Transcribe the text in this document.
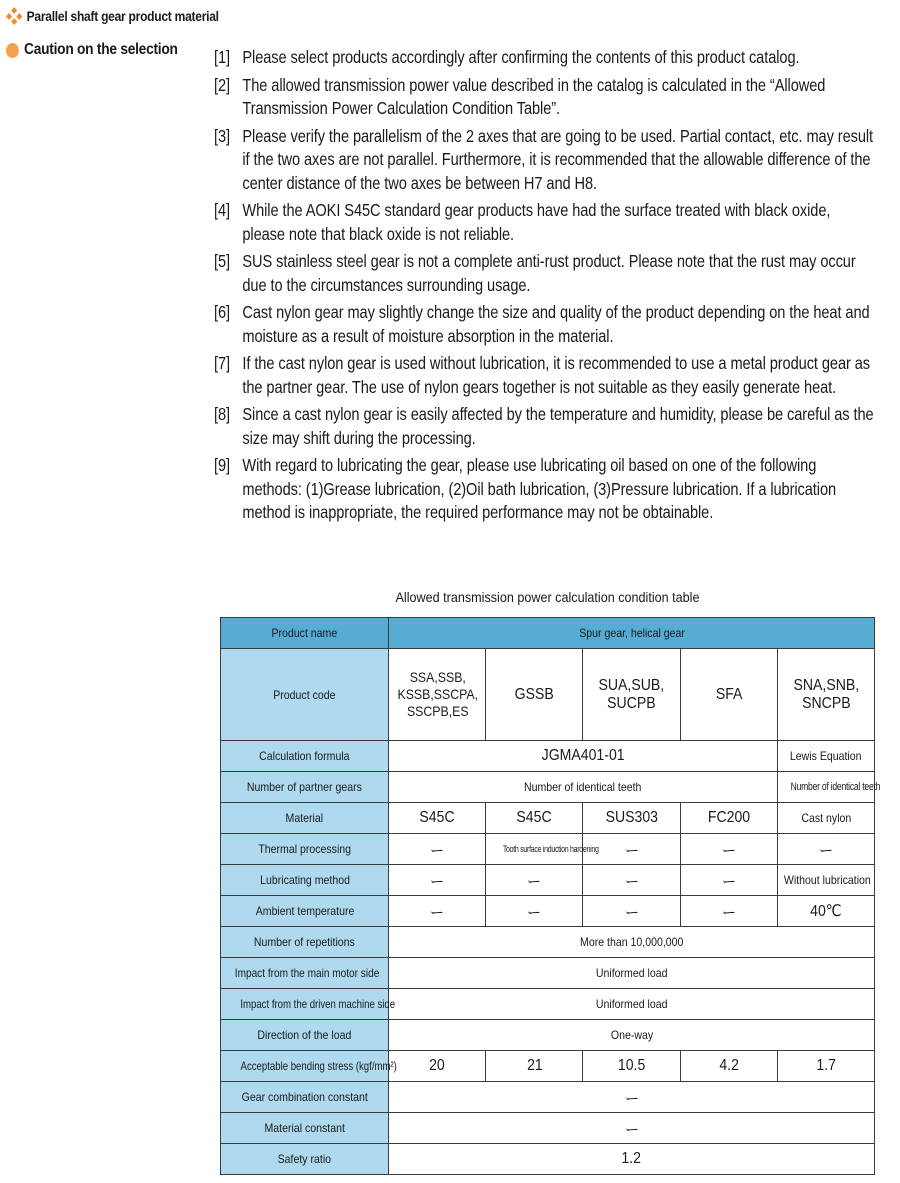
Parallel shaft gear product material
Caution on the selection [1] Please select products accordingly after confirming the contents of this product catalog.
[2] The allowed transmission power value described in the catalog is calculated in the “Allowed Transmission Power Calculation Condition Table”.
[3] Please verify the parallelism of the 2 axes that are going to be used. Partial contact, etc. may result if the two axes are not parallel. Furthermore, it is recommended that the allowable difference of the center distance of the two axes be between H7 and H8.
[4] While the AOKI S45C standard gear products have had the surface treated with black oxide, please note that black oxide is not reliable.
[5] SUS stainless steel gear is not a complete anti-rust product. Please note that the rust may occur due to the circumstances surrounding usage.
[6] Cast nylon gear may slightly change the size and quality of the product depending on the heat and moisture as a result of moisture absorption in the material.
[7] If the cast nylon gear is used without lubrication, it is recommended to use a metal product gear as the partner gear. The use of nylon gears together is not suitable as they easily generate heat.
[8] Since a cast nylon gear is easily affected by the temperature and humidity, please be careful as the size may shift during the processing.
[9] With regard to lubricating the gear, please use lubricating oil based on one of the following methods: (1)Grease lubrication, (2)Oil bath lubrication, (3)Pressure lubrication. If a lubrication method is inappropriate, the required performance may not be obtainable.
Allowed transmission power calculation condition table
Product name	Spur gear, helical gear				
Product code	SSA,SSB,
KSSB,SSCPA,
SSCPB,ES	GSSB	SUA,SUB,
SUCPB	SFA	SNA,SNB,
SNCPB
Calculation formula	JGMA401-01				Lewis Equation
Number of partner gears	Number of identical teeth				Number of identical teeth
Material	S45C	S45C	SUS303	FC200	Cast nylon
Thermal processing	ー	Tooth surface induction hardening	ー	ー	ー
Lubricating method	ー	ー	ー	ー	Without lubrication
Ambient temperature	ー	ー	ー	ー	40℃
Number of repetitions	More than 10,000,000				
Impact from the main motor side	Uniformed load				
Impact from the driven machine side	Uniformed load				
Direction of the load	One-way				
Acceptable bending stress (kgf/mm²)	20	21	10.5	4.2	1.7
Gear combination constant	ー				
Material constant	ー				
Safety ratio	1.2				
